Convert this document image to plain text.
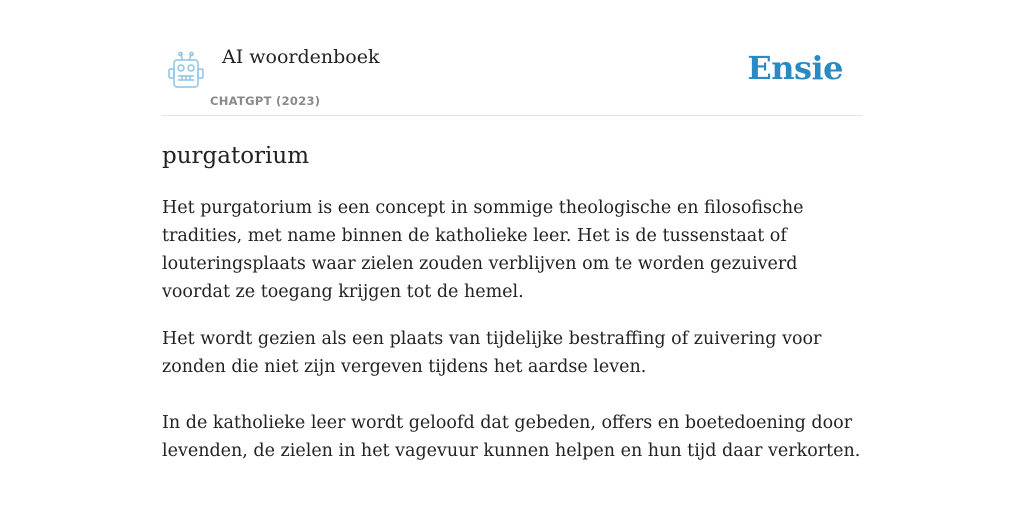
AI woordenboek
CHATGPT (2023)
Ensie
purgatorium

Het purgatorium is een concept in sommige theologische en filosofische tradities, met name binnen de katholieke leer. Het is de tussenstaat of louteringsplaats waar zielen zouden verblijven om te worden gezuiverd voordat ze toegang krijgen tot de hemel.

Het wordt gezien als een plaats van tijdelijke bestraffing of zuivering voor zonden die niet zijn vergeven tijdens het aardse leven.

In de katholieke leer wordt geloofd dat gebeden, offers en boetedoening door levenden, de zielen in het vagevuur kunnen helpen en hun tijd daar verkorten.
